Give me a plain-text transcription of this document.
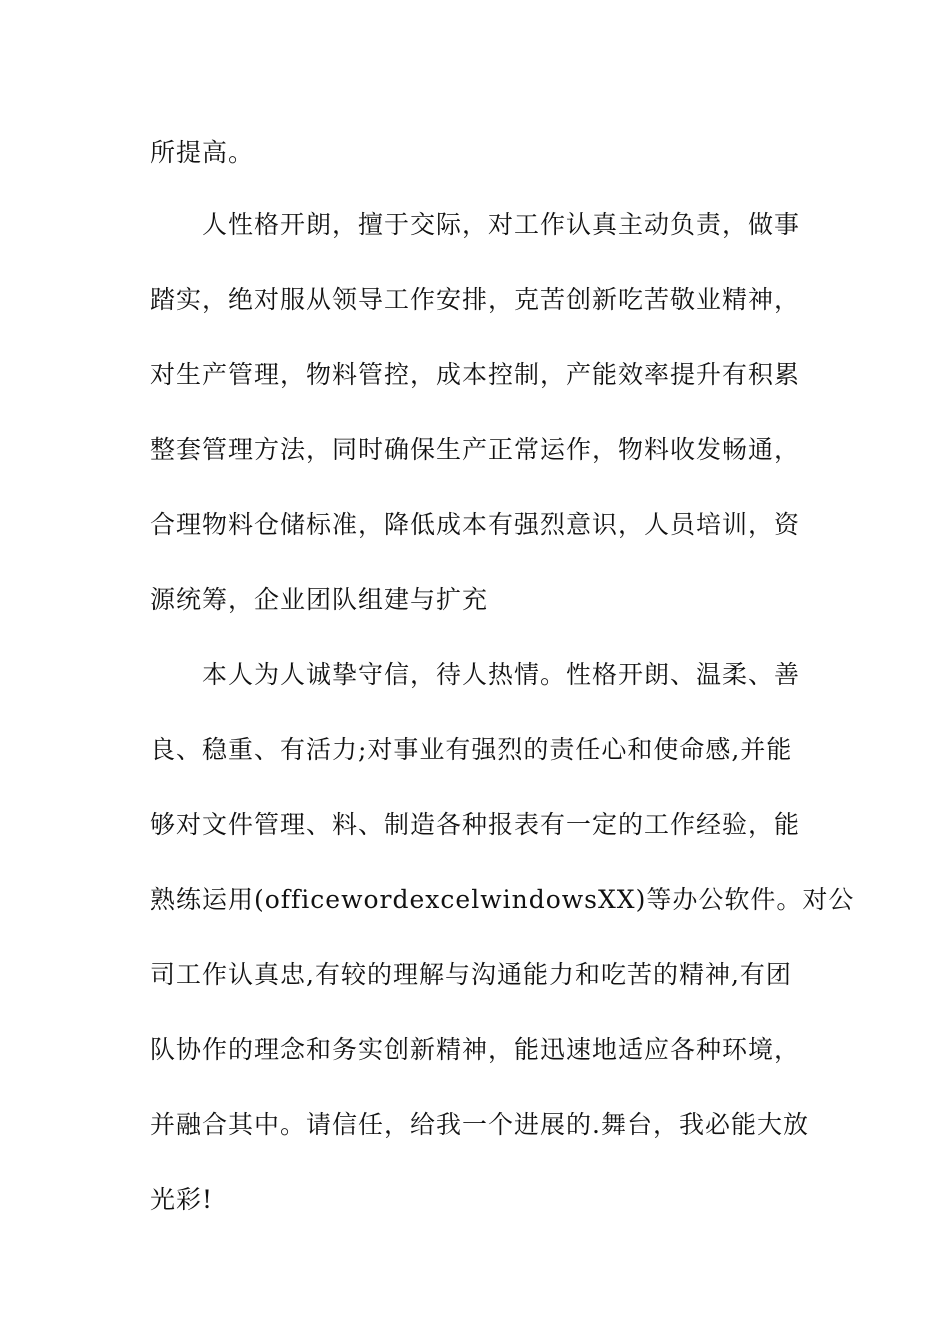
所提高。
人性格开朗，擅于交际，对工作认真主动负责，做事
踏实，绝对服从领导工作安排，克苦创新吃苦敬业精神，
对生产管理，物料管控，成本控制，产能效率提升有积累
整套管理方法，同时确保生产正常运作，物料收发畅通，
合理物料仓储标准，降低成本有强烈意识，人员培训，资
源统筹，企业团队组建与扩充
本人为人诚挚守信，待人热情。性格开朗、温柔、善
良、稳重、有活力;对事业有强烈的责任心和使命感,并能
够对文件管理、料、制造各种报表有一定的工作经验，能
熟练运用(officewordexcelwindowsXX)等办公软件。对公
司工作认真忠,有较的理解与沟通能力和吃苦的精神,有团
队协作的理念和务实创新精神，能迅速地适应各种环境，
并融合其中。请信任，给我一个进展的.舞台，我必能大放
光彩!
